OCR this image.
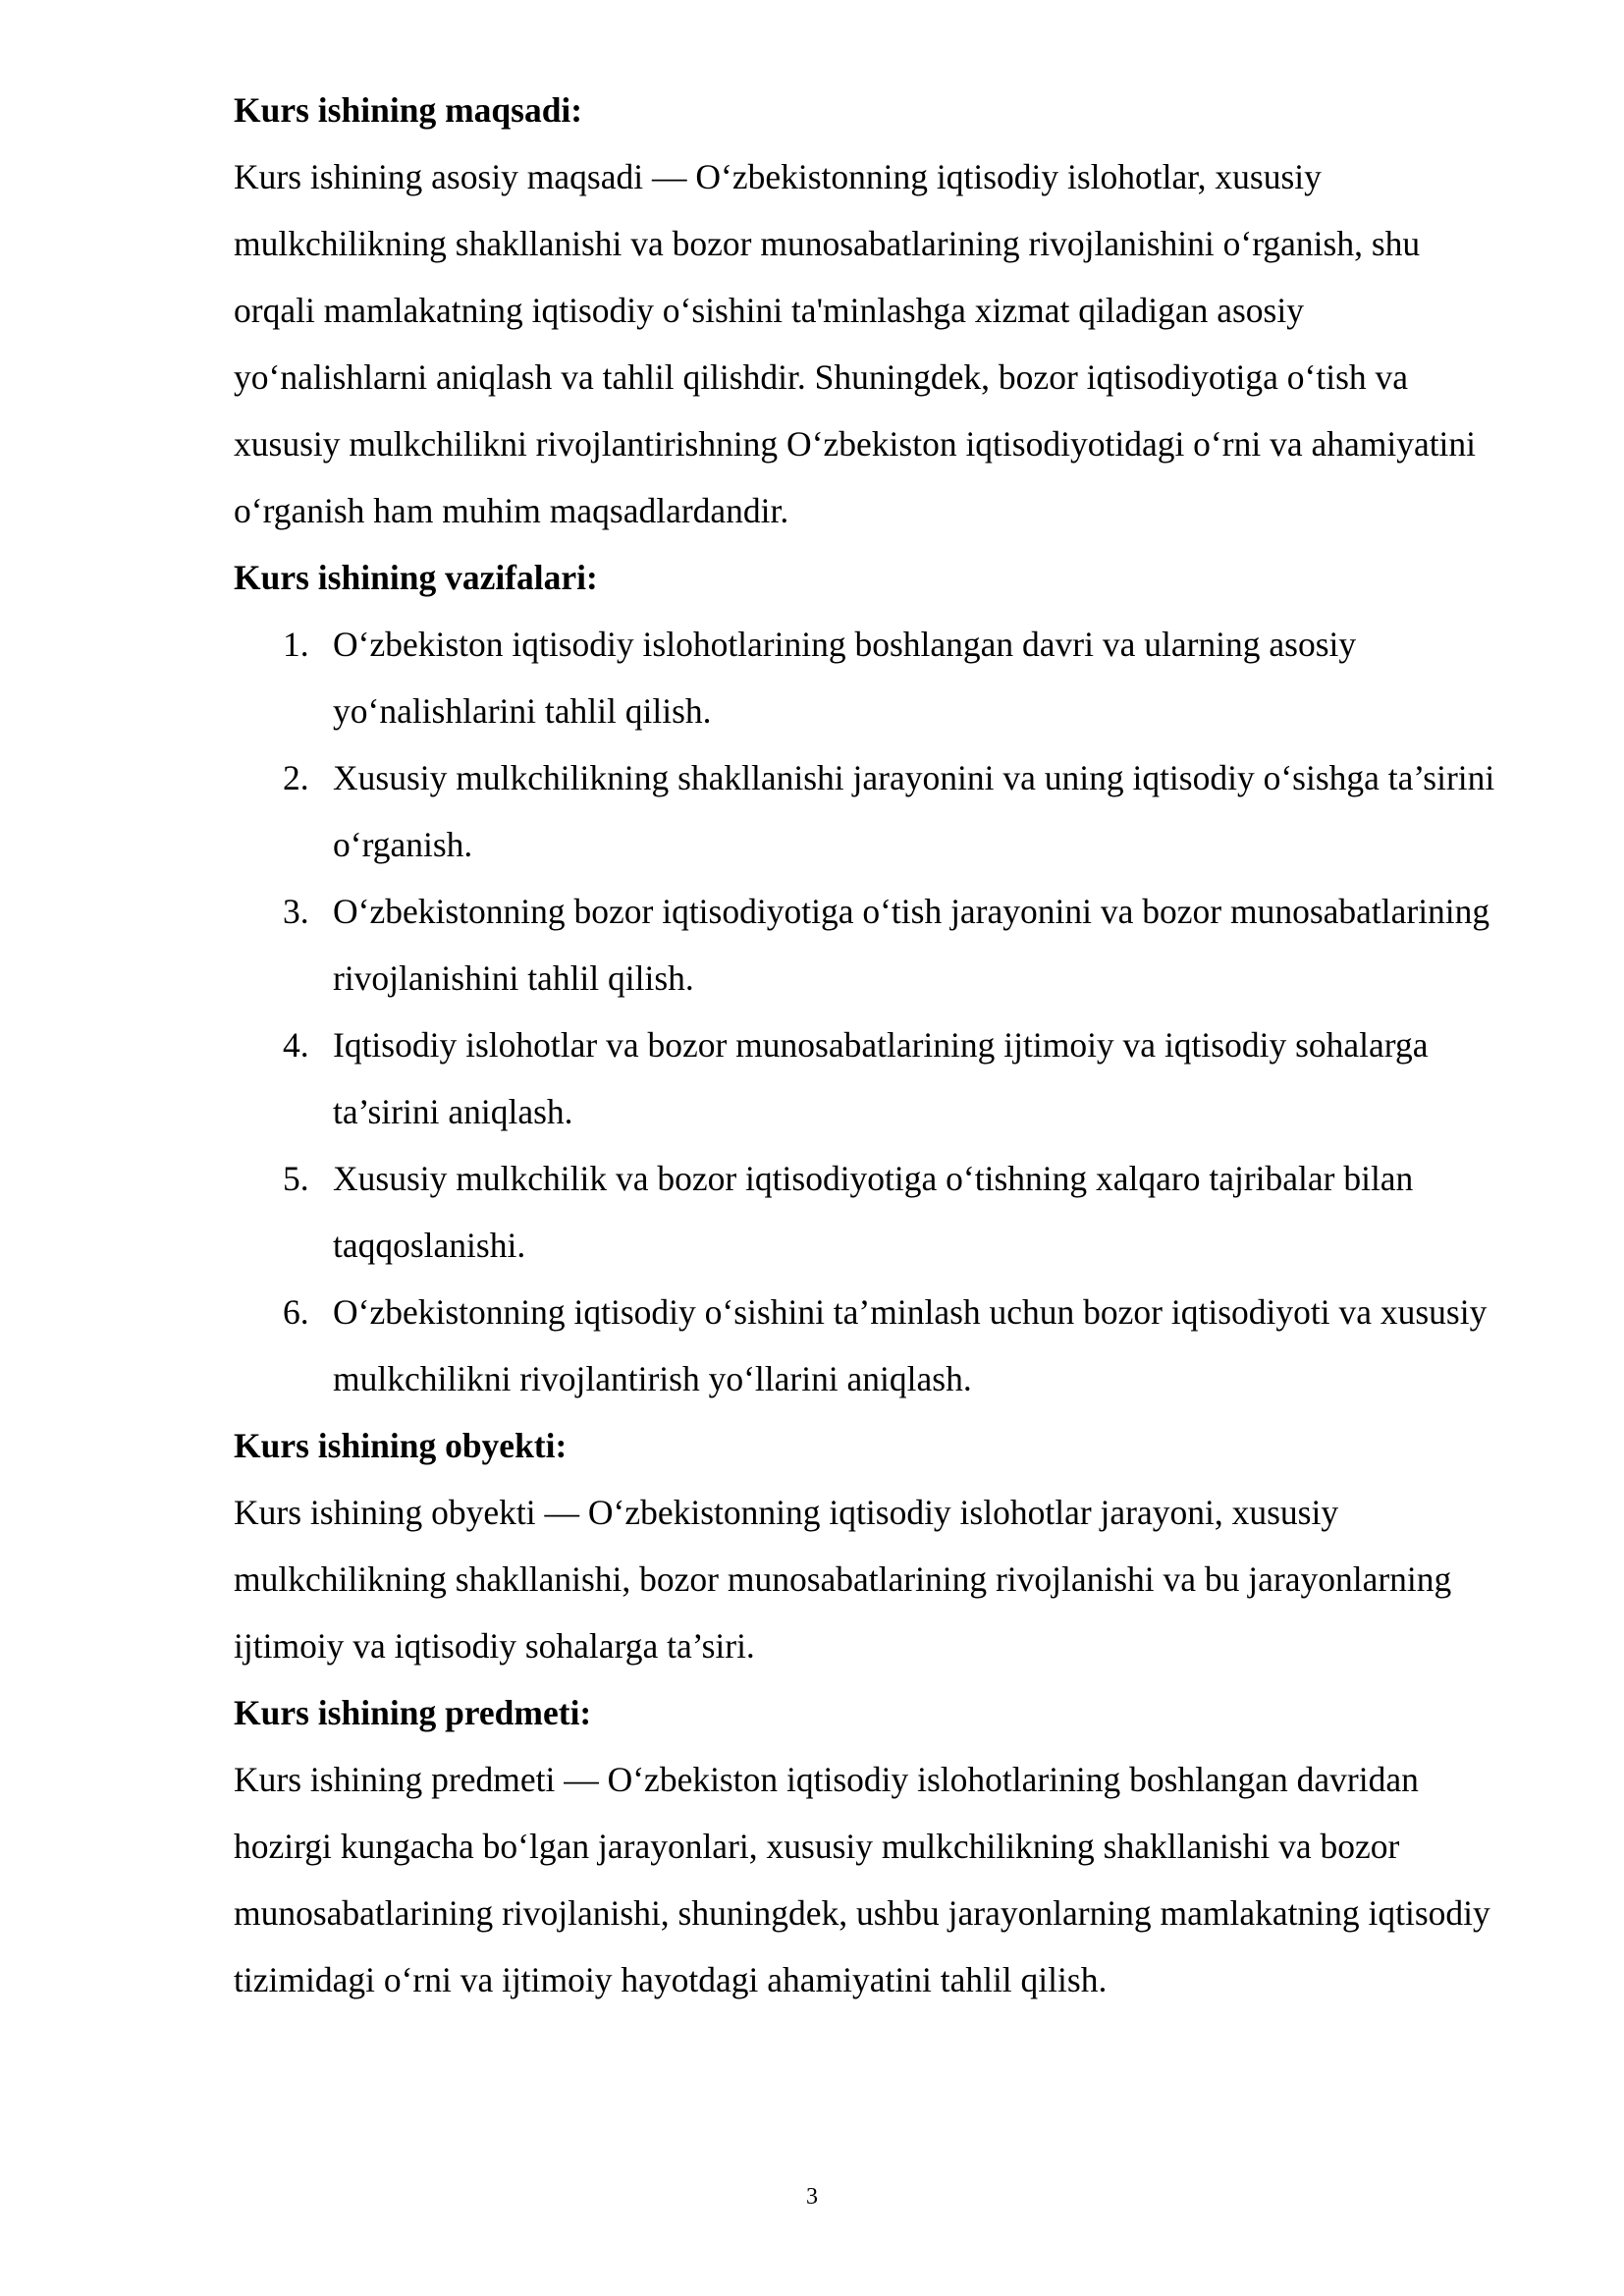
Kurs ishining maqsadi:

Kurs ishining asosiy maqsadi — O‘zbekistonning iqtisodiy islohotlar, xususiy mulkchilikning shakllanishi va bozor munosabatlarining rivojlanishini o‘rganish, shu orqali mamlakatning iqtisodiy o‘sishini ta'minlashga xizmat qiladigan asosiy yo‘nalishlarni aniqlash va tahlil qilishdir. Shuningdek, bozor iqtisodiyotiga o‘tish va xususiy mulkchilikni rivojlantirishning O‘zbekiston iqtisodiyotidagi o‘rni va ahamiyatini o‘rganish ham muhim maqsadlardandir.

Kurs ishining vazifalari:

1. O‘zbekiston iqtisodiy islohotlarining boshlangan davri va ularning asosiy yo‘nalishlarini tahlil qilish.
2. Xususiy mulkchilikning shakllanishi jarayonini va uning iqtisodiy o‘sishga ta’sirini o‘rganish.
3. O‘zbekistonning bozor iqtisodiyotiga o‘tish jarayonini va bozor munosabatlarining rivojlanishini tahlil qilish.
4. Iqtisodiy islohotlar va bozor munosabatlarining ijtimoiy va iqtisodiy sohalarga ta’sirini aniqlash.
5. Xususiy mulkchilik va bozor iqtisodiyotiga o‘tishning xalqaro tajribalar bilan taqqoslanishi.
6. O‘zbekistonning iqtisodiy o‘sishini ta’minlash uchun bozor iqtisodiyoti va xususiy mulkchilikni rivojlantirish yo‘llarini aniqlash.

Kurs ishining obyekti:

Kurs ishining obyekti — O‘zbekistonning iqtisodiy islohotlar jarayoni, xususiy mulkchilikning shakllanishi, bozor munosabatlarining rivojlanishi va bu jarayonlarning ijtimoiy va iqtisodiy sohalarga ta’siri.

Kurs ishining predmeti:

Kurs ishining predmeti — O‘zbekiston iqtisodiy islohotlarining boshlangan davridan hozirgi kungacha bo‘lgan jarayonlari, xususiy mulkchilikning shakllanishi va bozor munosabatlarining rivojlanishi, shuningdek, ushbu jarayonlarning mamlakatning iqtisodiy tizimidagi o‘rni va ijtimoiy hayotdagi ahamiyatini tahlil qilish.

3
